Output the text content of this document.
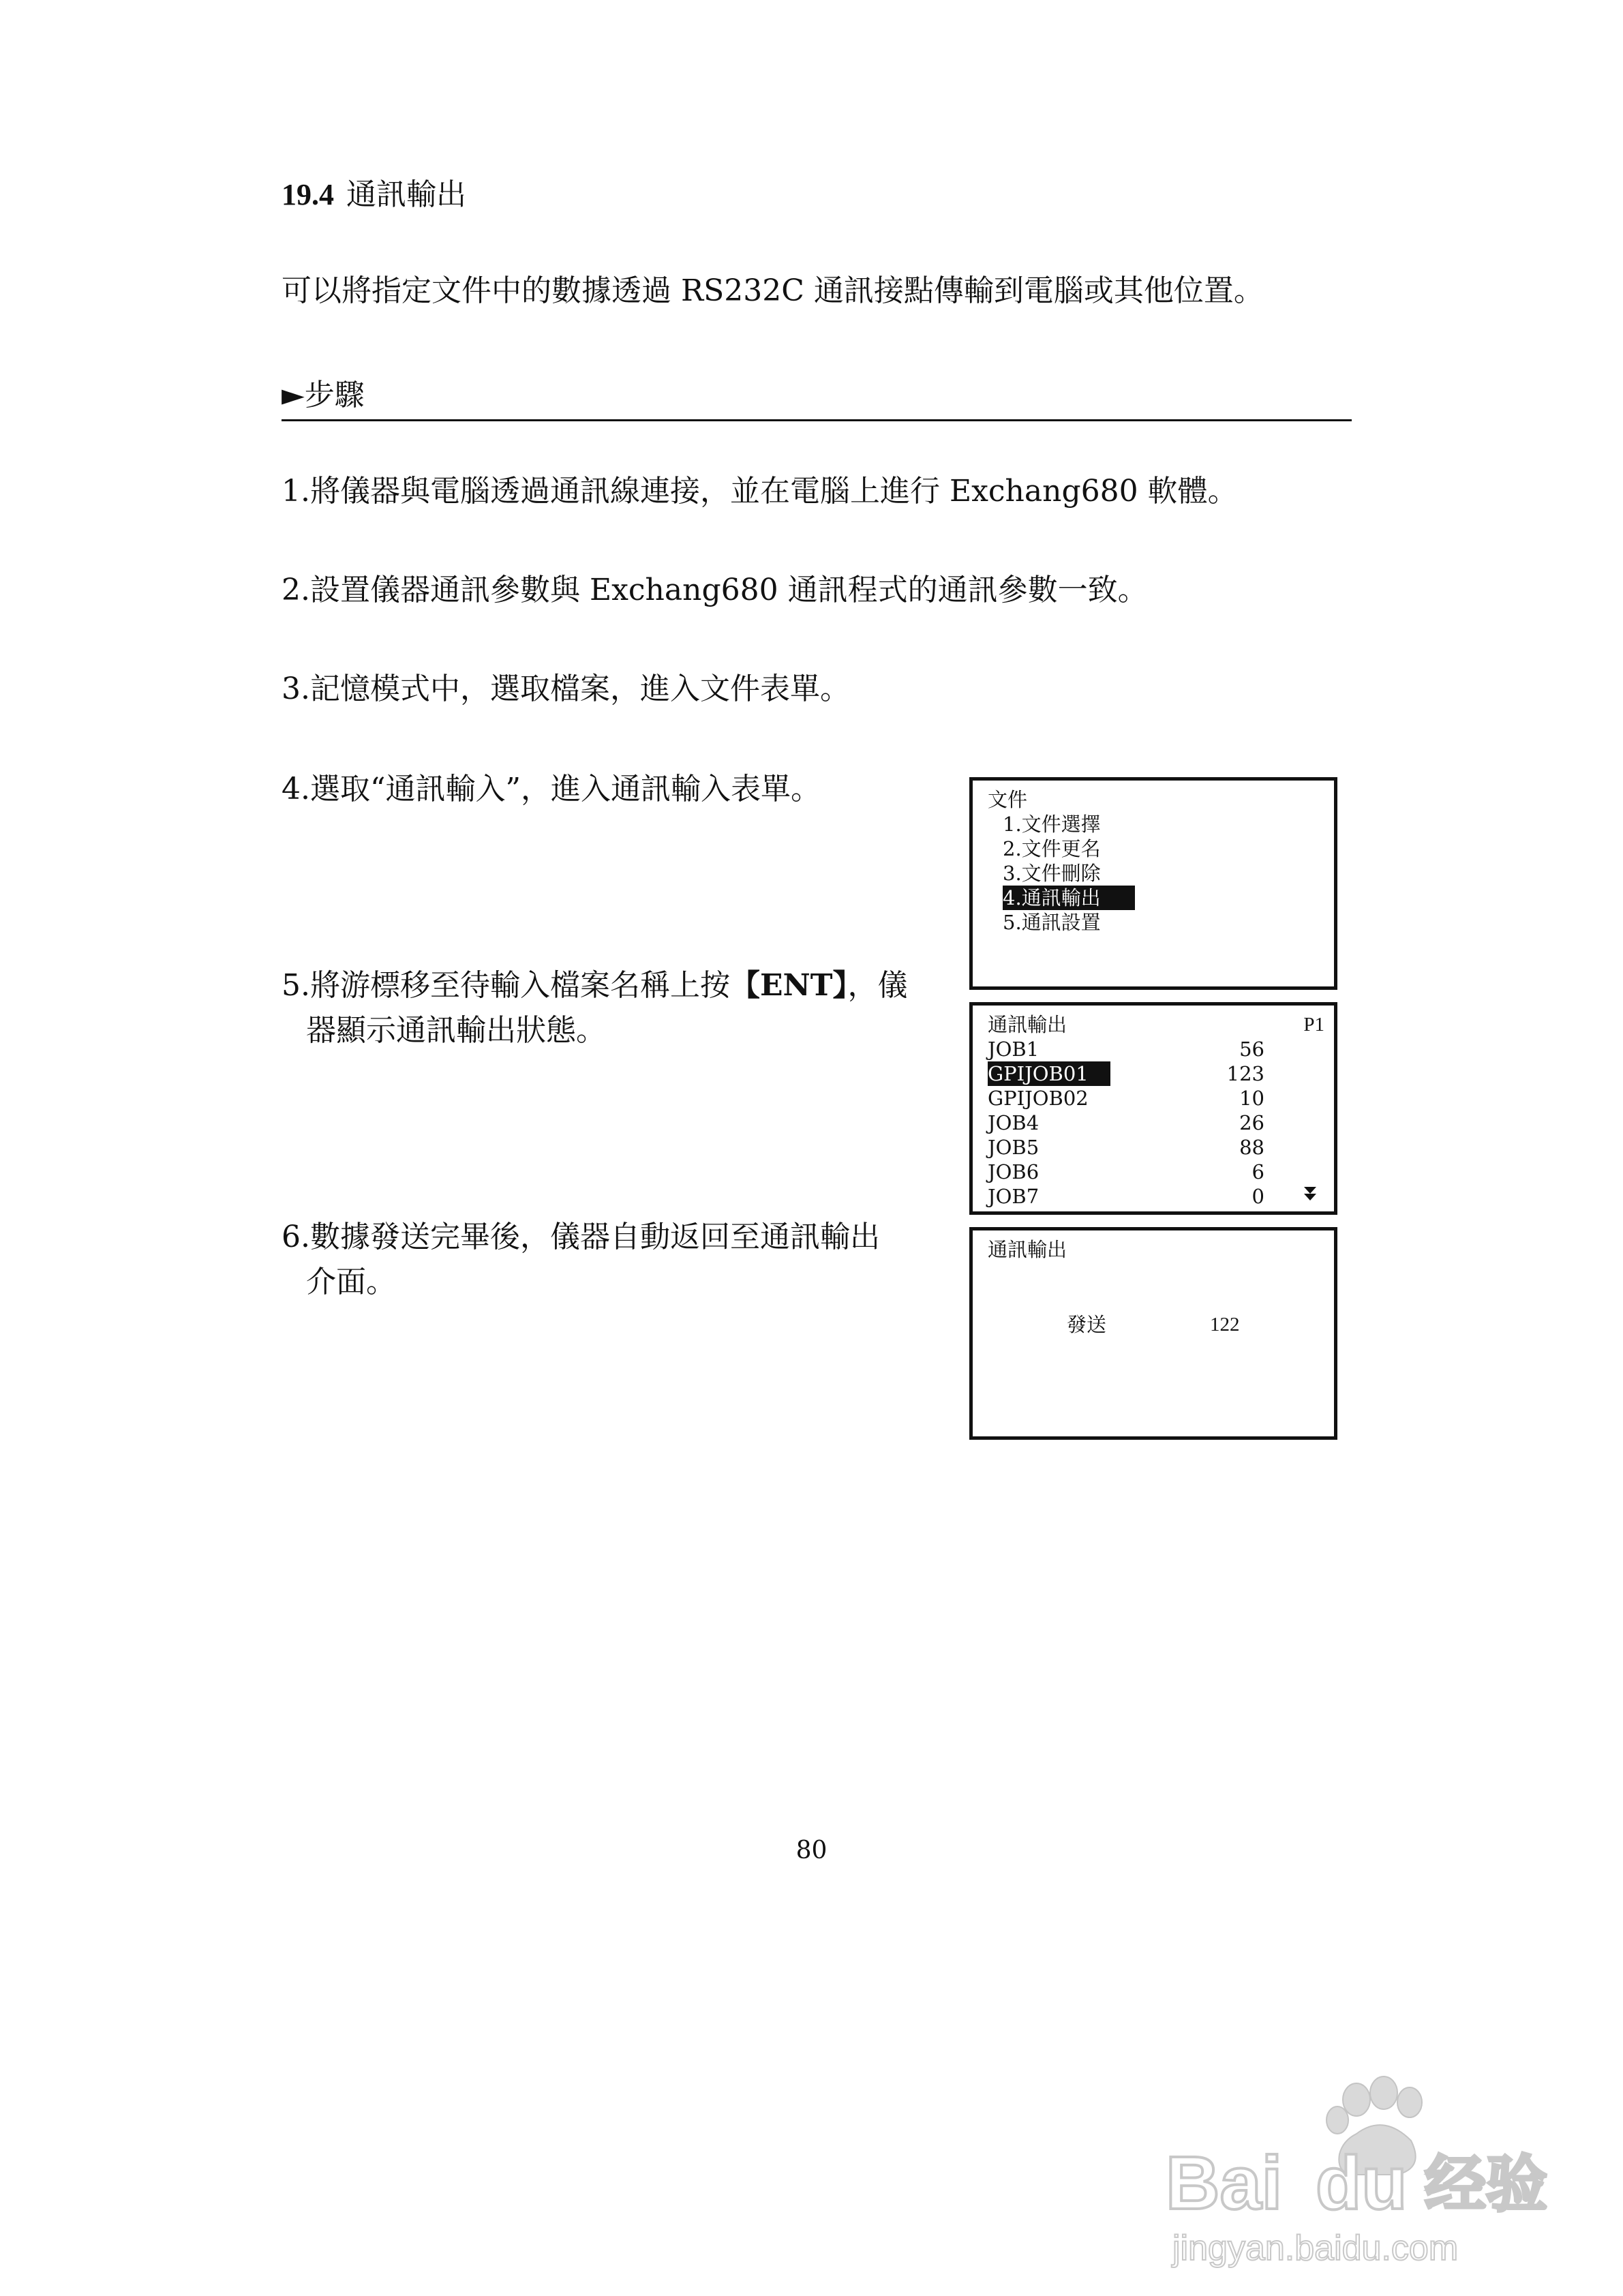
19.4 通訊輸出
可以將指定文件中的數據透過 RS232C 通訊接點傳輸到電腦或其他位置。
►步驟
1.將儀器與電腦透過通訊線連接，並在電腦上進行 Exchang680 軟體。
2.設置儀器通訊參數與 Exchang680 通訊程式的通訊參數一致。
3.記憶模式中，選取檔案，進入文件表單。
4.選取“通訊輸入”，進入通訊輸入表單。
5.將游標移至待輸入檔案名稱上按【ENT】，儀
器顯示通訊輸出狀態。
6.數據發送完畢後，儀器自動返回至通訊輸出
介面。
文件
1.文件選擇
2.文件更名
3.文件刪除
4.通訊輸出
5.通訊設置
通訊輸出	P1
JOB1	56
GPIJOB01	123
GPIJOB02	10
JOB4	26
JOB5	88
JOB6	6
JOB7	0
通訊輸出
發送	122
80
Bai du 经验
jingyan.baidu.com
